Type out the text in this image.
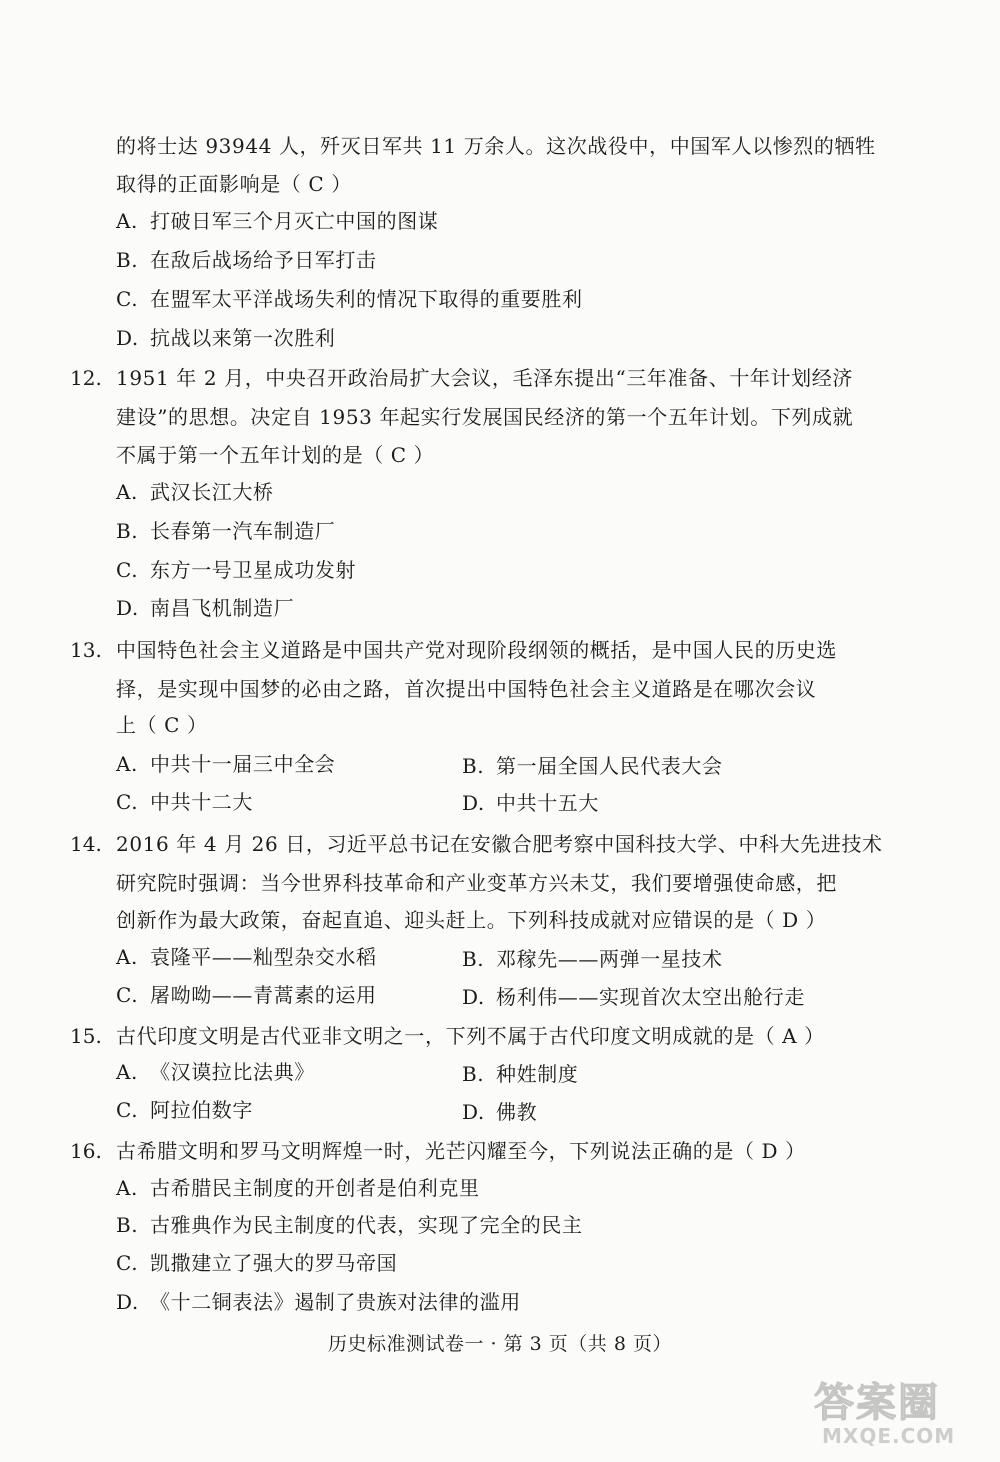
的将士达 93944 人，歼灭日军共 11 万余人。这次战役中，中国军人以惨烈的牺牲
取得的正面影响是（ C ）
A. 打破日军三个月灭亡中国的图谋
B. 在敌后战场给予日军打击
C. 在盟军太平洋战场失利的情况下取得的重要胜利
D. 抗战以来第一次胜利
12. 1951 年 2 月，中央召开政治局扩大会议，毛泽东提出“三年准备、十年计划经济
建设”的思想。决定自 1953 年起实行发展国民经济的第一个五年计划。下列成就
不属于第一个五年计划的是（ C ）
A. 武汉长江大桥
B. 长春第一汽车制造厂
C. 东方一号卫星成功发射
D. 南昌飞机制造厂
13. 中国特色社会主义道路是中国共产党对现阶段纲领的概括，是中国人民的历史选
择，是实现中国梦的必由之路，首次提出中国特色社会主义道路是在哪次会议
上（ C ）
A. 中共十一届三中全会	B. 第一届全国人民代表大会
C. 中共十二大	D. 中共十五大
14. 2016 年 4 月 26 日，习近平总书记在安徽合肥考察中国科技大学、中科大先进技术
研究院时强调：当今世界科技革命和产业变革方兴未艾，我们要增强使命感，把
创新作为最大政策，奋起直追、迎头赶上。下列科技成就对应错误的是（ D ）
A. 袁隆平——籼型杂交水稻	B. 邓稼先——两弹一星技术
C. 屠呦呦——青蒿素的运用	D. 杨利伟——实现首次太空出舱行走
15. 古代印度文明是古代亚非文明之一，下列不属于古代印度文明成就的是（ A ）
A. 《汉谟拉比法典》	B. 种姓制度
C. 阿拉伯数字	D. 佛教
16. 古希腊文明和罗马文明辉煌一时，光芒闪耀至今，下列说法正确的是（ D ）
A. 古希腊民主制度的开创者是伯利克里
B. 古雅典作为民主制度的代表，实现了完全的民主
C. 凯撒建立了强大的罗马帝国
D. 《十二铜表法》遏制了贵族对法律的滥用
历史标准测试卷一 · 第 3 页（共 8 页）
答案圈
MXQE.COM
